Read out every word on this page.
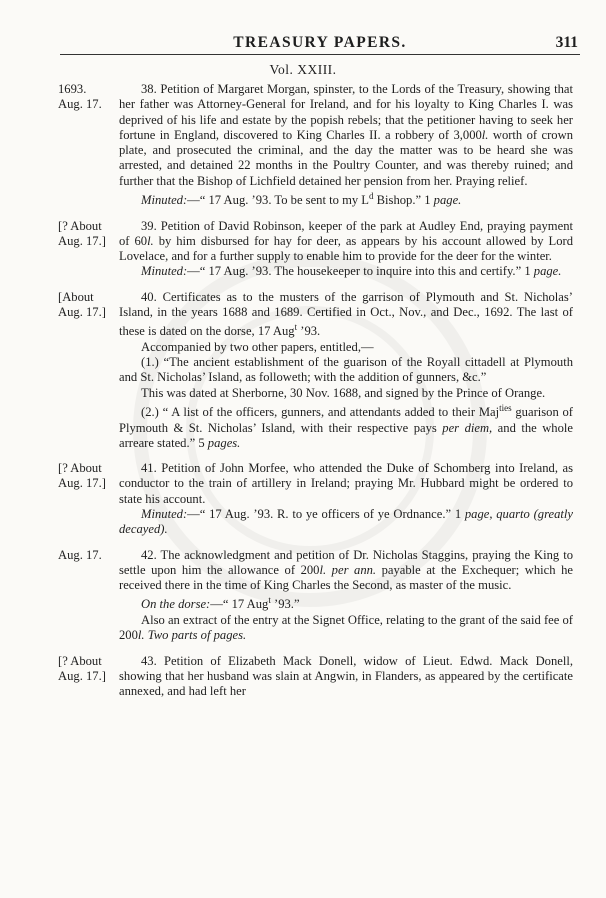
TREASURY PAPERS.	311
Vol. XXIII.
1693.
Aug. 17.

38. Petition of Margaret Morgan, spinster, to the Lords of the Treasury, showing that her father was Attorney-General for Ireland, and for his loyalty to King Charles I. was deprived of his life and estate by the popish rebels; that the petitioner having to seek her fortune in England, discovered to King Charles II. a robbery of 3,000l. worth of crown plate, and prosecuted the criminal, and the day the matter was to be heard she was arrested, and detained 22 months in the Poultry Counter, and was thereby ruined; and further that the Bishop of Lichfield detained her pension from her. Praying relief.

Minuted:—“ 17 Aug. ’93. To be sent to my $L^d$ Bishop.” 1 page.

[? About
Aug. 17.]

39. Petition of David Robinson, keeper of the park at Audley End, praying payment of 60l. by him disbursed for hay for deer, as appears by his account allowed by Lord Lovelace, and for a further supply to enable him to provide for the deer for the winter.

Minuted:—“ 17 Aug. ’93. The housekeeper to inquire into this and certify.” 1 page.

[About
Aug. 17.]

40. Certificates as to the musters of the garrison of Plymouth and St. Nicholas’ Island, in the years 1688 and 1689. Certified in Oct., Nov., and Dec., 1692. The last of these is dated on the dorse, 17 Aug$^t$ ’93.

Accompanied by two other papers, entitled,—

(1.) “The ancient establishment of the guarison of the Royall cittadell at Plymouth and St. Nicholas’ Island, as followeth; with the addition of gunners, &c.”

This was dated at Sherborne, 30 Nov. 1688, and signed by the Prince of Orange.

(2.) “ A list of the officers, gunners, and attendants added to their Maj$^{ties}$ guarison of Plymouth & St. Nicholas’ Island, with their respective pays per diem, and the whole arreare stated.” 5 pages.

[? About
Aug. 17.]

41. Petition of John Morfee, who attended the Duke of Schomberg into Ireland, as conductor to the train of artillery in Ireland; praying Mr. Hubbard might be ordered to state his account.

Minuted:—“ 17 Aug. ’93. R. to ye officers of ye Ordnance.” 1 page, quarto (greatly decayed).

Aug. 17.	42. The acknowledgment and petition of Dr. Nicholas Staggins, praying the King to settle upon him the allowance of 200l. per ann. payable at the Exchequer; which he received there in the time of King Charles the Second, as master of the music.

On the dorse:—“ 17 Aug$^t$ ’93.”

Also an extract of the entry at the Signet Office, relating to the grant of the said fee of 200l. Two parts of pages.

[? About
Aug. 17.]

43. Petition of Elizabeth Mack Donell, widow of Lieut. Edwd. Mack Donell, showing that her husband was slain at Angwin, in Flanders, as appeared by the certificate annexed, and had left her
